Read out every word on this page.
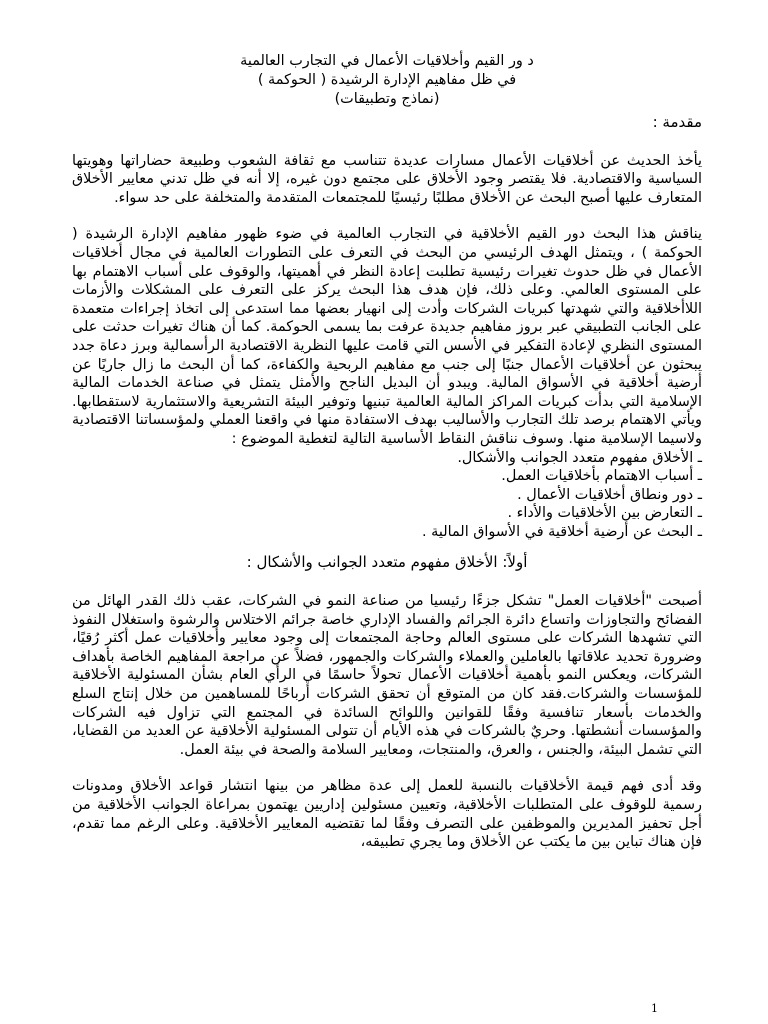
د ور القيم وأخلاقيات الأعمال في التجارب العالمية
في ظل مفاهيم الإدارة الرشيدة ( الحوكمة )
(نماذج وتطبيقات)
مقدمة :

يأخذ الحديث عن أخلاقيات الأعمال مسارات عديدة تتناسب مع ثقافة الشعوب وطبيعة حضاراتها وهويتها السياسية والاقتصادية. فلا يقتصر وجود الأخلاق على مجتمع دون غيره، إلا أنه في ظل تدني معايير الأخلاق المتعارف عليها أصبح البحث عن الأخلاق مطلبًا رئيسيًا للمجتمعات المتقدمة والمتخلفة على حد سواء.

يناقش هذا البحث دور القيم الأخلاقية في التجارب العالمية في ضوء ظهور مفاهيم الإدارة الرشيدة ( الحوكمة ) ، ويتمثل الهدف الرئيسي من البحث في التعرف على التطورات العالمية في مجال أخلاقيات الأعمال في ظل حدوث تغيرات رئيسية تطلبت إعادة النظر في أهميتها، والوقوف على أسباب الاهتمام بها على المستوى العالمي. وعلى ذلك، فإن هدف هذا البحث يركز على التعرف على المشكلات والأزمات اللاأخلاقية والتي شهدتها كبريات الشركات وأدت إلى انهيار بعضها مما استدعى إلى اتخاذ إجراءات متعمدة على الجانب التطبيقي عبر بروز مفاهيم جديدة عرفت بما يسمى الحوكمة. كما أن هناك تغيرات حدثت على المستوى النظري لإعادة التفكير في الأسس التي قامت عليها النظرية الاقتصادية الرأسمالية وبرز دعاة جدد يبحثون عن أخلاقيات الأعمال جنبًا إلى جنب مع مفاهيم الربحية والكفاءة، كما أن البحث ما زال جاريًا عن أرضية أخلاقية في الأسواق المالية. ويبدو أن البديل الناجح والأمثل يتمثل في صناعة الخدمات المالية الإسلامية التي بدأت كبريات المراكز المالية العالمية تبنيها وتوفير البيئة التشريعية والاستثمارية لاستقطابها. ويأتي الاهتمام برصد تلك التجارب والأساليب بهدف الاستفادة منها في واقعنا العملي ولمؤسساتنا الاقتصادية ولاسيما الإسلامية منها. وسوف نناقش النقاط الأساسية التالية لتغطية الموضوع :

ـ الأخلاق مفهوم متعدد الجوانب والأشكال.
ـ أسباب الاهتمام بأخلاقيات العمل.
ـ دور ونطاق أخلاقيات الأعمال .
ـ التعارض بين الأخلاقيات والأداء .
ـ البحث عن أرضية أخلاقية في الأسواق المالية .
أولاً: الأخلاق مفهوم متعدد الجوانب والأشكال :

أصبحت "أخلاقيات العمل" تشكل جزءًا رئيسيا من صناعة النمو في الشركات، عقب ذلك القدر الهائل من الفضائح والتجاوزات واتساع دائرة الجرائم والفساد الإداري خاصة جرائم الاختلاس والرشوة واستغلال النفوذ التي تشهدها الشركات على مستوى العالم وحاجة المجتمعات إلى وجود معايير وأخلاقيات عمل أكثر رُقيًا، وضرورة تحديد علاقاتها بالعاملين والعملاء والشركات والجمهور، فضلاً عن مراجعة المفاهيم الخاصة بأهداف الشركات، ويعكس النمو بأهمية أخلاقيات الأعمال تحولاً حاسمًا في الرأي العام بشأن المسئولية الأخلاقية للمؤسسات والشركات.فقد كان من المتوقع أن تحقق الشركات أرباحًا للمساهمين من خلال إنتاج السلع والخدمات بأسعار تنافسية وفقًا للقوانين واللوائح السائدة في المجتمع التي تزاول فيه الشركات والمؤسسات أنشطتها. وحريٌ بالشركات في هذه الأيام أن تتولى المسئولية الأخلاقية عن العديد من القضايا، التي تشمل البيئة، والجنس ، والعرق، والمنتجات، ومعايير السلامة والصحة في بيئة العمل.

وقد أدى فهم قيمة الأخلاقيات بالنسبة للعمل إلى عدة مظاهر من بينها انتشار قواعد الأخلاق ومدونات رسمية للوقوف على المتطلبات الأخلاقية، وتعيين مسئولين إداريين يهتمون بمراعاة الجوانب الأخلاقية من أجل تحفيز المديرين والموظفين على التصرف وفقًا لما تقتضيه المعايير الأخلاقية. وعلى الرغم مما تقدم، فإن هناك تباين بين ما يكتب عن الأخلاق وما يجري تطبيقه،

1
